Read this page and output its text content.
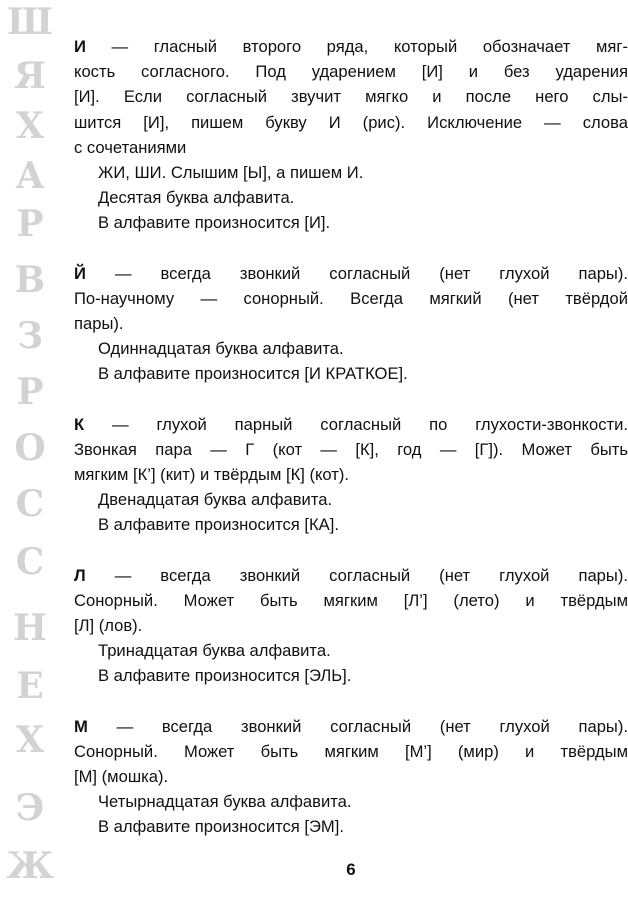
Ш
Я
Х
А
Р
В
З
Р
О
С
С
Н
Е
Х
Э
Ж
И — гласный второго ряда, который обозначает мяг-
кость согласного. Под ударением [И] и без ударения
[И]. Если согласный звучит мягко и после него слы-
шится [И], пишем букву И (рис). Исключение — слова
с сочетаниями
ЖИ, ШИ. Слышим [Ы], а пишем И.
Десятая буква алфавита.
В алфавите произносится [И].
Й — всегда звонкий согласный (нет глухой пары).
По-научному — сонорный. Всегда мягкий (нет твёрдой
пары).
Одиннадцатая буква алфавита.
В алфавите произносится [И КРАТКОЕ].
К — глухой парный согласный по глухости-звонкости.
Звонкая пара — Г (кот — [К], год — [Г]). Может быть
мягким [К’] (кит) и твёрдым [К] (кот).
Двенадцатая буква алфавита.
В алфавите произносится [КА].
Л — всегда звонкий согласный (нет глухой пары).
Сонорный. Может быть мягким [Л’] (лето) и твёрдым
[Л] (лов).
Тринадцатая буква алфавита.
В алфавите произносится [ЭЛЬ].
М — всегда звонкий согласный (нет глухой пары).
Сонорный. Может быть мягким [М’] (мир) и твёрдым
[М] (мошка).
Четырнадцатая буква алфавита.
В алфавите произносится [ЭМ].
6
